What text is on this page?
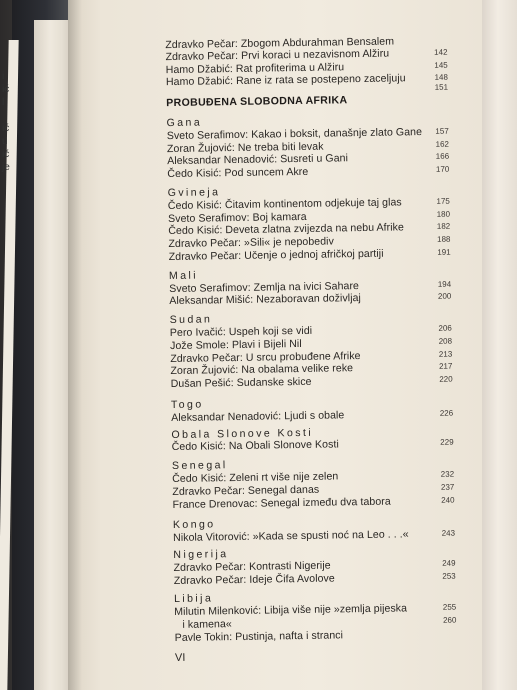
i
ić
l
ić
u
ić
je
Zdravko Pečar: Zbogom Abdurahman Bensalem
Zdravko Pečar: Prvi koraci u nezavisnom Alžiru	142
Hamo Džabić: Rat profiterima u Alžiru	145
Hamo Džabić: Rane iz rata se postepeno zaceljuju	148
151
PROBUĐENA SLOBODNA AFRIKA
Gana
Sveto Serafimov: Kakao i boksit, današnje zlato Gane	157
Zoran Žujović: Ne treba biti levak	162
Aleksandar Nenadović: Susreti u Gani	166
Čedo Kisić: Pod suncem Akre	170
Gvineja
Čedo Kisić: Čitavim kontinentom odjekuje taj glas	175
Sveto Serafimov: Boj kamara	180
Čedo Kisić: Deveta zlatna zvijezda na nebu Afrike	182
Zdravko Pečar: »Sili« je nepobediv	188
Zdravko Pečar: Učenje o jednoj afričkoj partiji	191
Mali
Sveto Serafimov: Zemlja na ivici Sahare	194
Aleksandar Mišić: Nezaboravan doživljaj	200
Sudan
Pero Ivačić: Uspeh koji se vidi	206
Jože Smole: Plavi i Bijeli Nil	208
Zdravko Pečar: U srcu probuđene Afrike	213
Zoran Žujović: Na obalama velike reke	217
Dušan Pešić: Sudanske skice	220
Togo
Aleksandar Nenadović: Ljudi s obale	226
Obala Slonove Kosti
Čedo Kisić: Na Obali Slonove Kosti	229
Senegal
Čedo Kisić: Zeleni rt više nije zelen	232
Zdravko Pečar: Senegal danas	237
France Drenovac: Senegal između dva tabora	240
Kongo
Nikola Vitorović: »Kada se spusti noć na Leo . . .«	243
Nigerija
Zdravko Pečar: Kontrasti Nigerije	249
Zdravko Pečar: Ideje Čifa Avolove	253
Libija
Milutin Milenković: Libija više nije »zemlja pijeska	255
i kamena«	260
Pavle Tokin: Pustinja, nafta i stranci
VI
